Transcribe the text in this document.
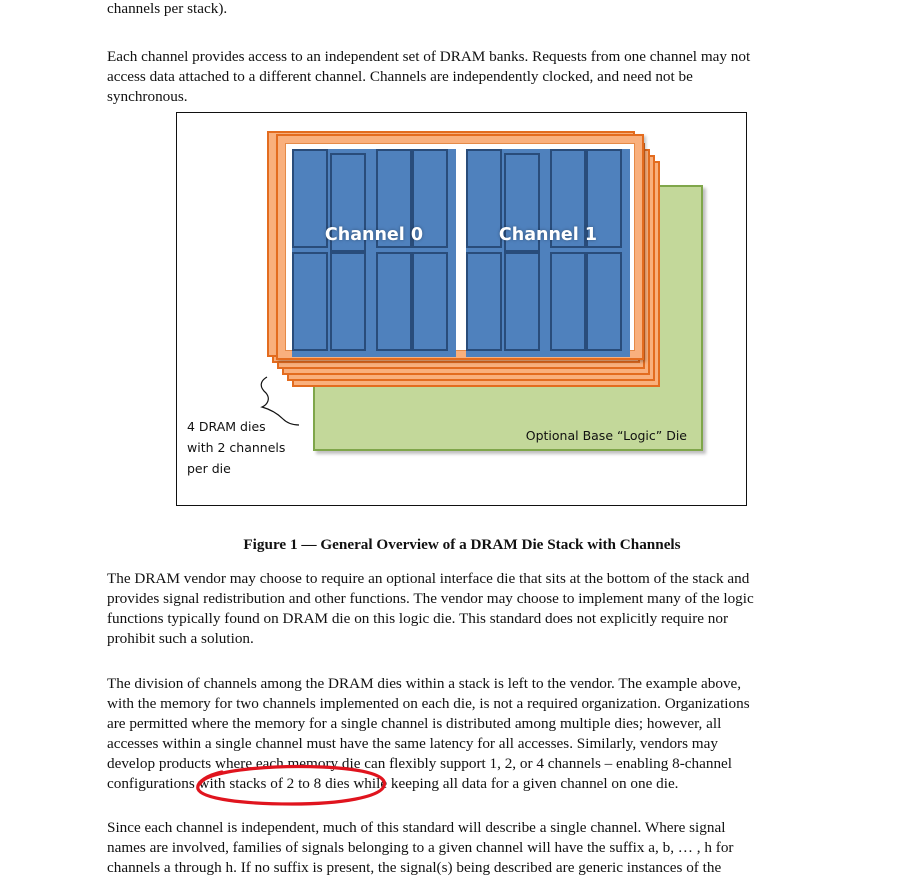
channels per stack).
Each channel provides access to an independent set of DRAM banks. Requests from one channel may not
access data attached to a different channel. Channels are independently clocked, and need not be
synchronous.
Optional Base “Logic” Die
Channel 0	Channel 1
4 DRAM dies
with 2 channels
per die

Figure 1 — General Overview of a DRAM Die Stack with Channels

The DRAM vendor may choose to require an optional interface die that sits at the bottom of the stack and
provides signal redistribution and other functions. The vendor may choose to implement many of the logic
functions typically found on DRAM die on this logic die. This standard does not explicitly require nor
prohibit such a solution.
The division of channels among the DRAM dies within a stack is left to the vendor. The example above,
with the memory for two channels implemented on each die, is not a required organization. Organizations
are permitted where the memory for a single channel is distributed among multiple dies; however, all
accesses within a single channel must have the same latency for all accesses. Similarly, vendors may
develop products where each memory die can flexibly support 1, 2, or 4 channels – enabling 8-channel
configurations with stacks of 2 to 8 dies while keeping all data for a given channel on one die.
Since each channel is independent, much of this standard will describe a single channel. Where signal
names are involved, families of signals belonging to a given channel will have the suffix a, b, … , h for
channels a through h. If no suffix is present, the signal(s) being described are generic instances of the
